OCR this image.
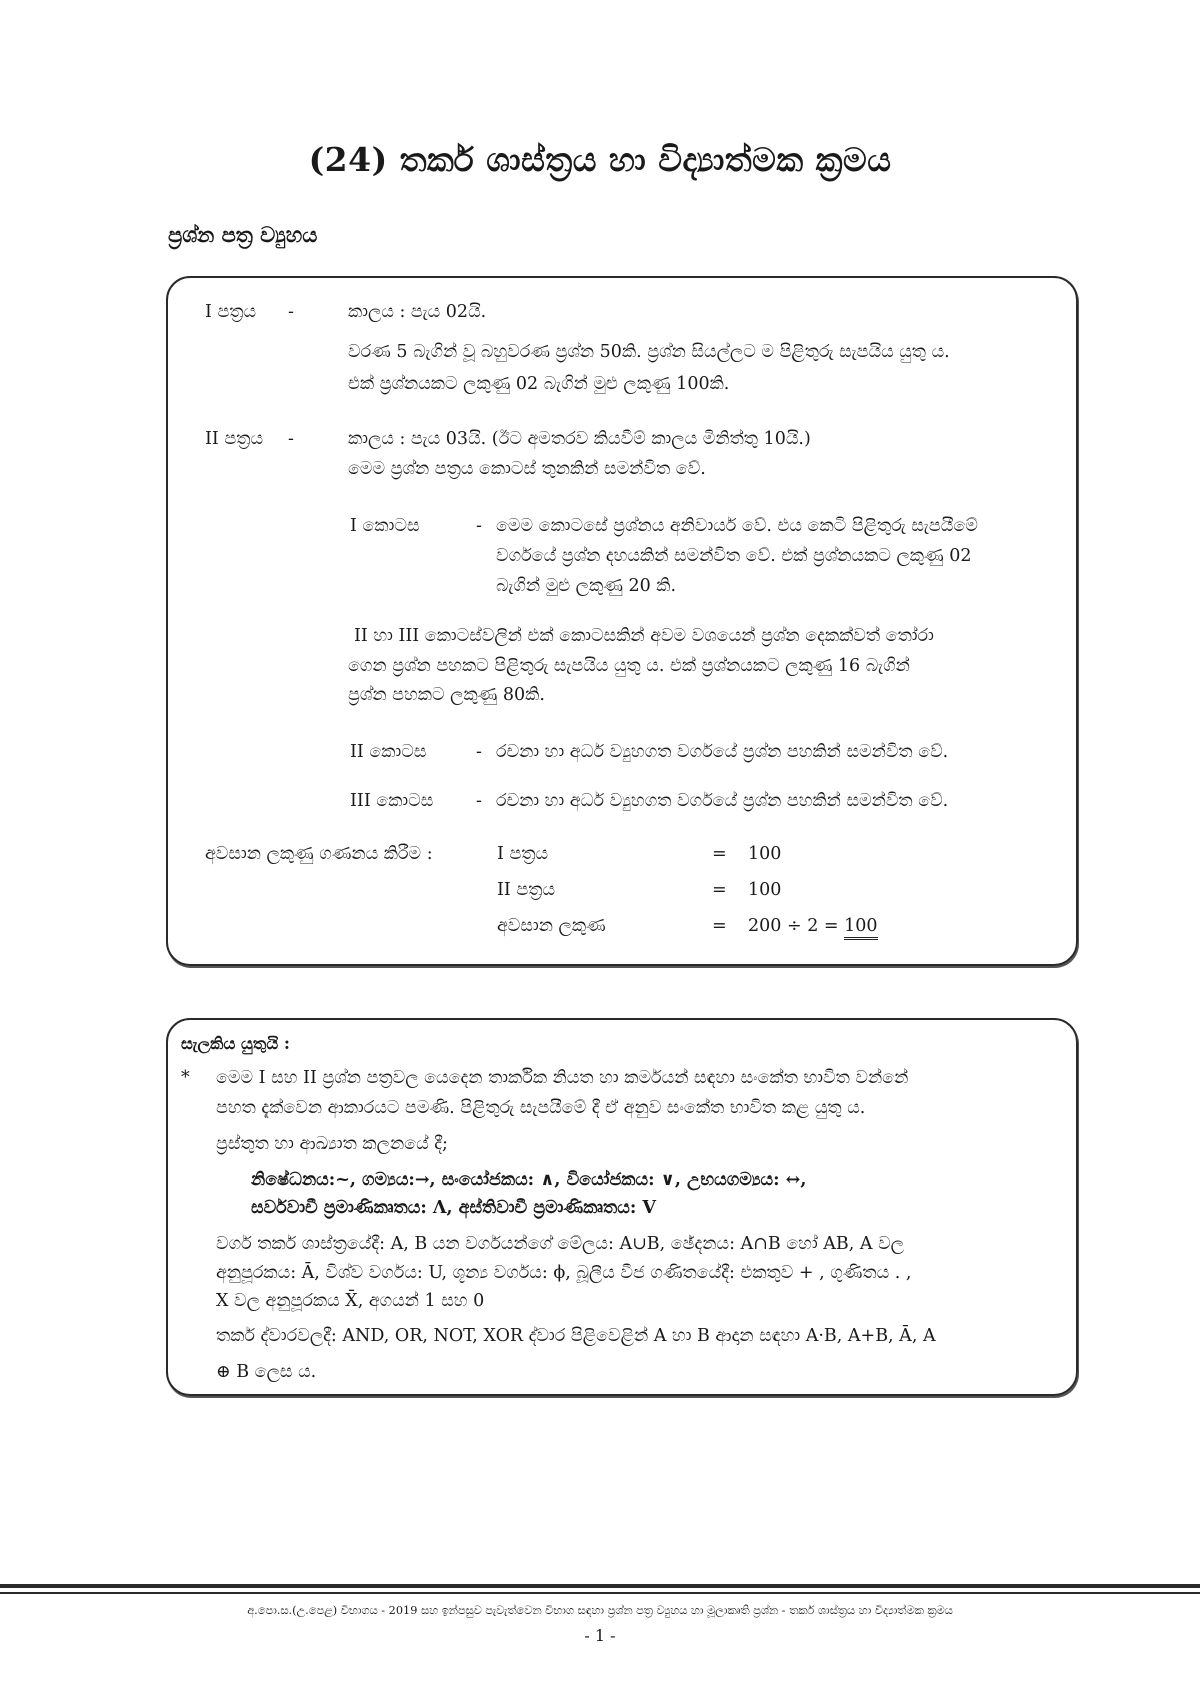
(24) තර්ක ශාස්ත්‍රය හා විද්‍යාත්මක ක්‍රමය
ප්‍රශ්න පත්‍ර ව්‍යුහය
I පත්‍රය -	කාලය : පැය 02යි.
වරණ 5 බැගින් වූ බහුවරණ ප්‍රශ්න 50කි. ප්‍රශ්න සියල්ලට ම පිළිතුරු සැපයිය යුතු ය.
එක් ප්‍රශ්නයකට ලකුණු 02 බැගින් මුළු ලකුණු 100කි.
II පත්‍රය -	කාලය : පැය 03යි. (ඊට අමතරව කියවීම් කාලය මිනිත්තු 10යි.)
මෙම ප්‍රශ්න පත්‍රය කොටස් තුනකින් සමන්විත වේ.
I කොටස	- මෙම කොටසේ ප්‍රශ්නය අනිවාර්ය වේ. එය කෙටි පිළිතුරු සැපයීමේ
වර්ගයේ ප්‍රශ්න දහයකින් සමන්විත වේ. එක් ප්‍රශ්නයකට ලකුණු 02
බැගින් මුළු ලකුණු 20 කි.
II හා III කොටස්වලින් එක් කොටසකින් අවම වශයෙන් ප්‍රශ්න දෙකක්වත් තෝරා
ගෙන ප්‍රශ්න පහකට පිළිතුරු සැපයිය යුතු ය. එක් ප්‍රශ්නයකට ලකුණු 16 බැගින්
ප්‍රශ්න පහකට ලකුණු 80කි.
II කොටස	- රචනා හා අර්ධ ව්‍යුහගත වර්ගයේ ප්‍රශ්න පහකින් සමන්විත වේ.
III කොටස - රචනා හා අර්ධ ව්‍යුහගත වර්ගයේ ප්‍රශ්න පහකින් සමන්විත වේ.
අවසාන ලකුණු ගණනය කිරීම :	I පත්‍රය	= 100
II පත්‍රය	= 100
අවසාන ලකුණ	= 200 ÷ 2 = 100
සැලකිය යුතුයි :
* මෙම I සහ II ප්‍රශ්න පත්‍රවල යෙදෙන තාර්කික නියත හා කර්මයන් සඳහා සංකේත භාවිත වන්නේ
පහත දැක්වෙන ආකාරයට පමණි. පිළිතුරු සැපයීමේ දී ඒ අනුව සංකේත භාවිත කළ යුතු ය.
ප්‍රස්තුත හා ආඛ්‍යාත කලනයේ දී;
නිෂේධනය:~, ගම්‍යය:→, සංයෝජකය: ∧, වියෝජකය: ∨, උභයගම්‍යය: ↔,
සර්වවාචී ප්‍රමාණිකෘතය: Λ, අස්තිවාචී ප්‍රමාණිකෘතය: V
වර්ග තර්ක ශාස්ත්‍රයේදී: A, B යන වර්ගයන්ගේ මේලය: A∪B, ඡේදනය: A∩B හෝ AB, A වල
අනුපූරකය: Ā, විශ්ව වර්ගය: U, ශූන්‍ය වර්ගය: ϕ, බූලීය වීජ ගණිතයේදී: එකතුව + , ගුණිතය . ,
X වල අනුපූරකය X̄, අගයන් 1 සහ 0
තර්ක ද්වාරවලදී: AND, OR, NOT, XOR ද්වාර පිළිවෙළින් A හා B ආදාන සඳහා A·B, A+B, Ā, A
⊕ B ලෙස ය.
අ.පො.ස.(උ.පෙළ) විභාගය - 2019 සහ ඉන්පසුව පැවැත්වෙන විභාග සඳහා ප්‍රශ්න පත්‍ර ව්‍යුහය හා මූලාකෘති ප්‍රශ්න - තර්ක ශාස්ත්‍රය හා විද්‍යාත්මක ක්‍රමය
- 1 -
